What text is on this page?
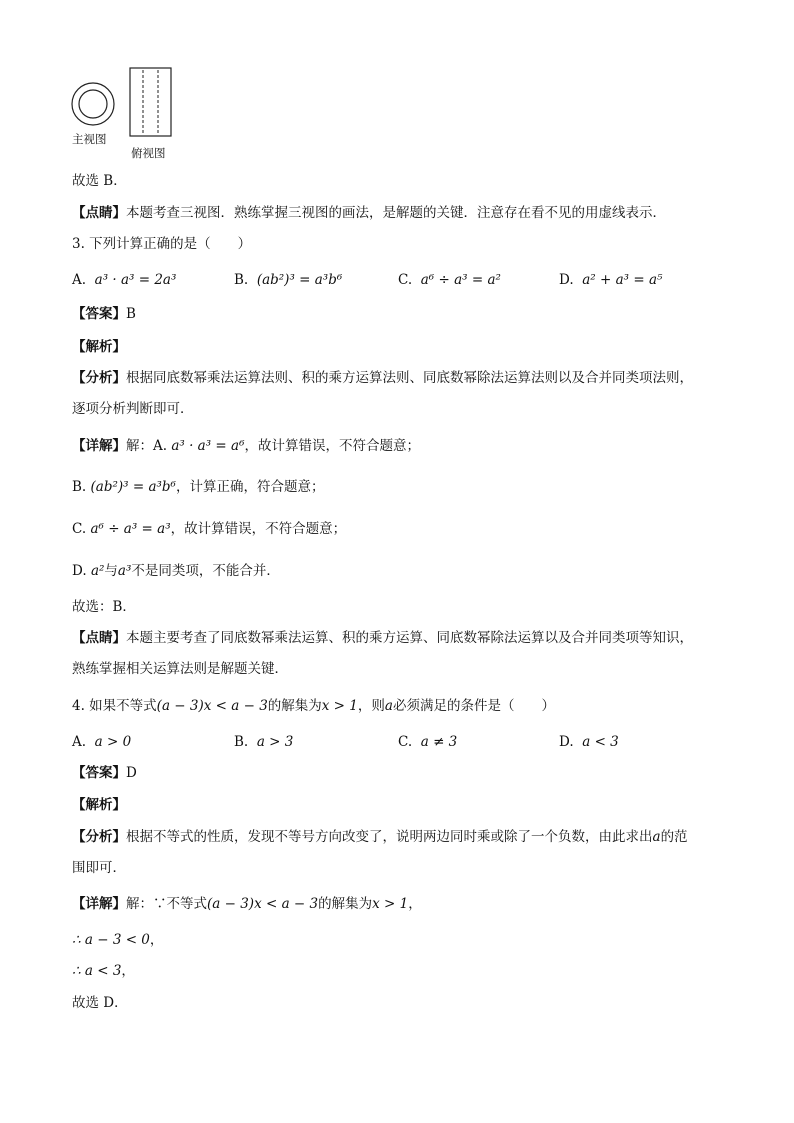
主视图
俯视图
故选 B．
【点睛】本题考查三视图．熟练掌握三视图的画法，是解题的关键．注意存在看不见的用虚线表示．
3. 下列计算正确的是（　　）
A. a³ · a³ = 2a³	B. (ab²)³ = a³b⁶	C. a⁶ ÷ a³ = a²	D. a² + a³ = a⁵
【答案】B
【解析】
【分析】根据同底数幂乘法运算法则、积的乘方运算法则、同底数幂除法运算法则以及合并同类项法则，
逐项分析判断即可．
【详解】解：A. a³ · a³ = a⁶，故计算错误，不符合题意；
B. (ab²)³ = a³b⁶，计算正确，符合题意；
C. a⁶ ÷ a³ = a³，故计算错误，不符合题意；
D. a²与a³不是同类项，不能合并．
故选：B．
【点睛】本题主要考查了同底数幂乘法运算、积的乘方运算、同底数幂除法运算以及合并同类项等知识，
熟练掌握相关运算法则是解题关键．
4. 如果不等式(a − 3)x < a − 3的解集为x > 1，则a必须满足的条件是（　　）
A. a > 0	B. a > 3	C. a ≠ 3	D. a < 3
【答案】D
【解析】
【分析】根据不等式的性质，发现不等号方向改变了，说明两边同时乘或除了一个负数，由此求出a的范
围即可．
【详解】解：∵不等式(a − 3)x < a − 3的解集为x > 1，
∴ a − 3 < 0，
∴ a < 3，
故选 D．
